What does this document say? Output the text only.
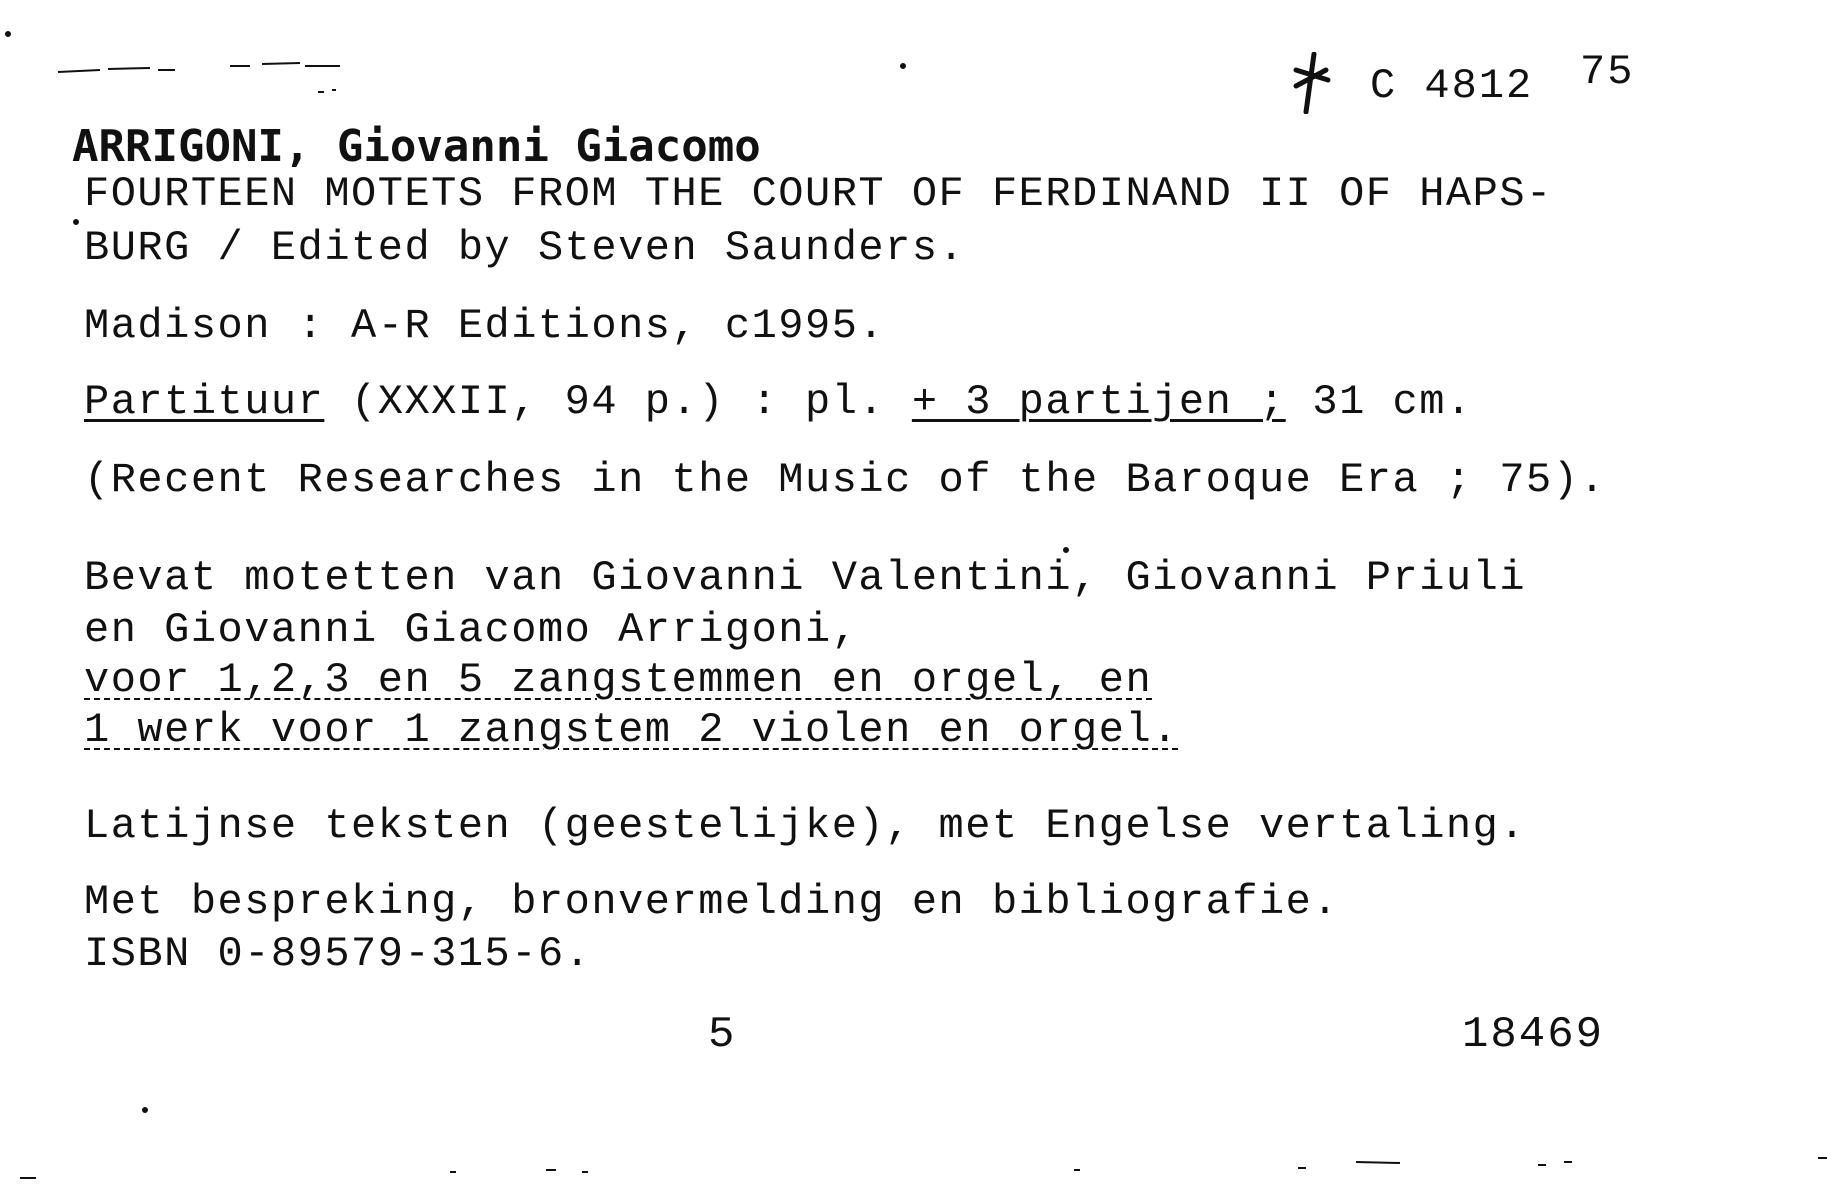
C 4812 75
ARRIGONI, Giovanni Giacomo
FOURTEEN MOTETS FROM THE COURT OF FERDINAND II OF HAPS-
BURG / Edited by Steven Saunders.
Madison : A-R Editions, c1995.
Partituur (XXXII, 94 p.) : pl. + 3 partijen ; 31 cm.
(Recent Researches in the Music of the Baroque Era ; 75).
Bevat motetten van Giovanni Valentini, Giovanni Priuli
en Giovanni Giacomo Arrigoni,
voor 1,2,3 en 5 zangstemmen en orgel, en
1 werk voor 1 zangstem 2 violen en orgel.
Latijnse teksten (geestelijke), met Engelse vertaling.
Met bespreking, bronvermelding en bibliografie.
ISBN 0-89579-315-6.
5	18469
